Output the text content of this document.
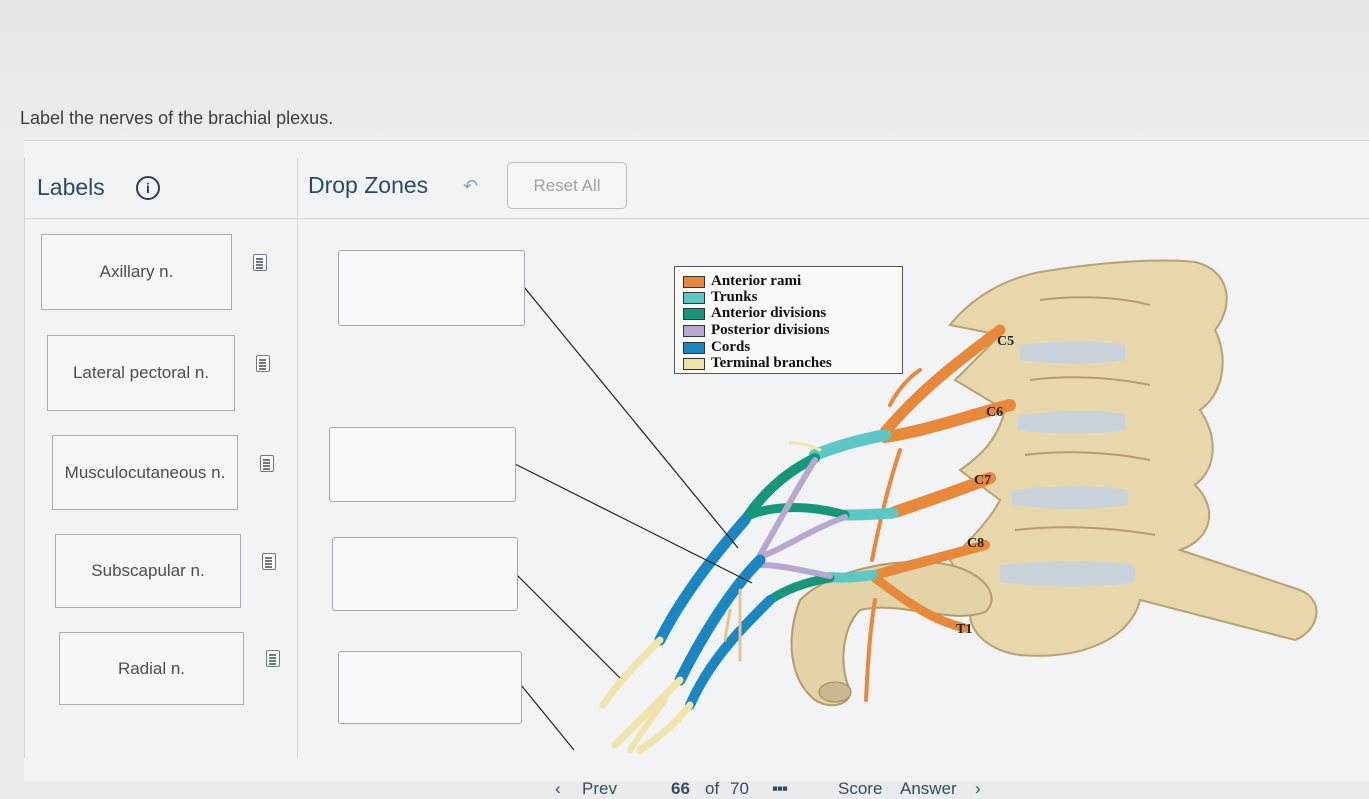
Label the nerves of the brachial plexus.
Labels	i	Drop Zones ↶	Reset All
Axillary n.
Lateral pectoral n.
Musculocutaneous n.
Subscapular n.
Radial n.
C5
C6
C7
C8
T1
Anterior rami
Trunks
Anterior divisions
Posterior divisions
Cords
Terminal branches
‹ Prev	66 of 70 ▪▪▪	Score Answer ›
